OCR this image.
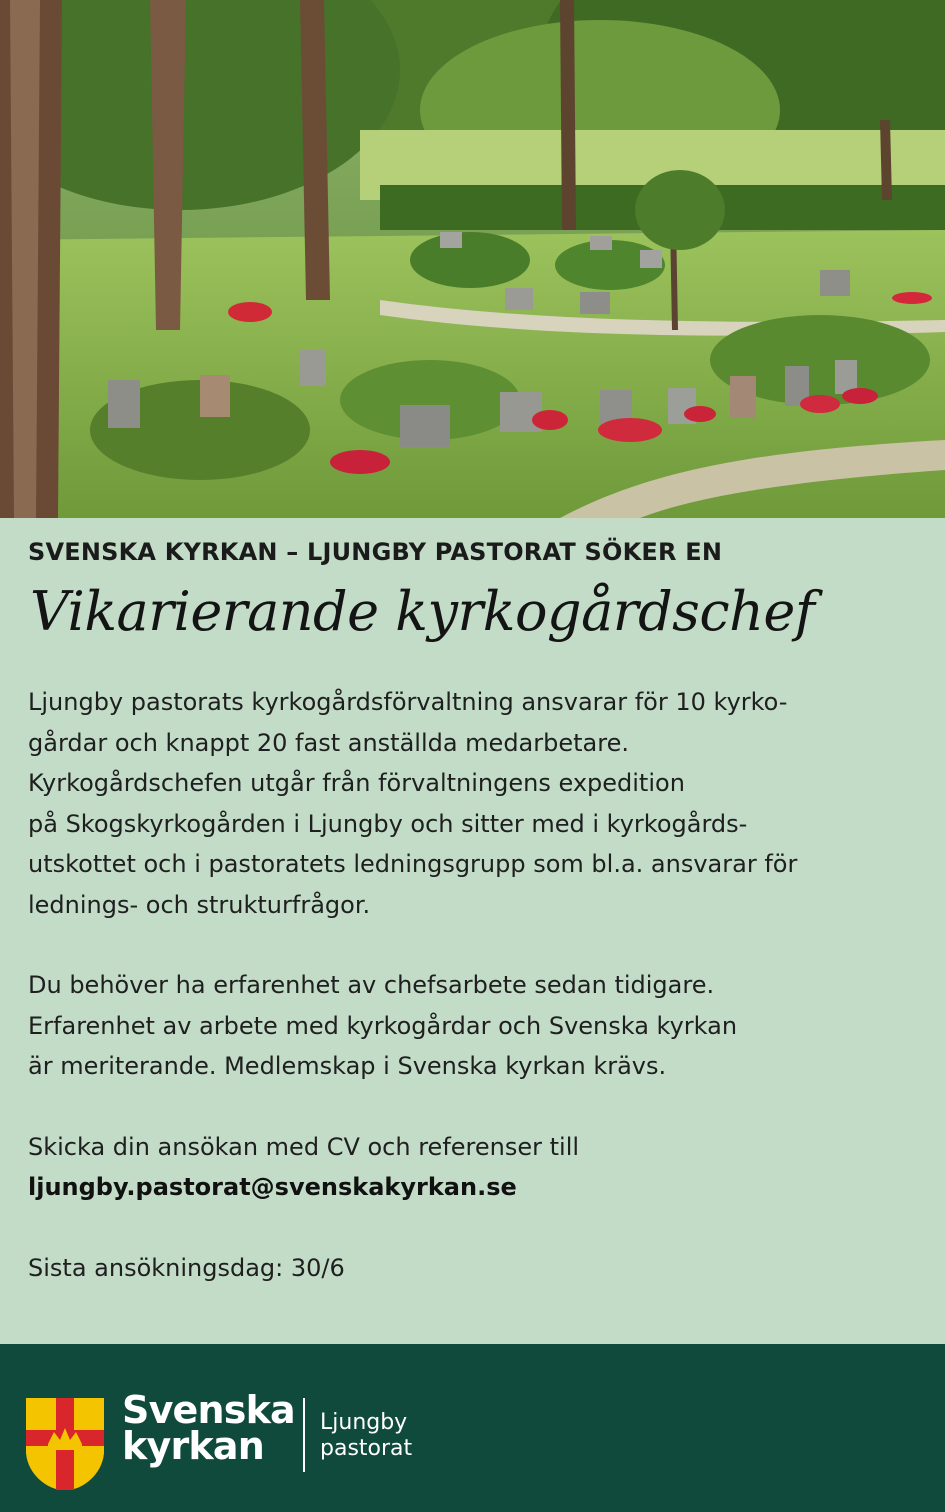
SVENSKA KYRKAN – LJUNGBY PASTORAT SÖKER EN
Vikarierande kyrkogårdschef

Ljungby pastorats kyrkogårdsförvaltning ansvarar för 10 kyrko-
gårdar och knappt 20 fast anställda medarbetare.
Kyrkogårdschefen utgår från förvaltningens expedition
på Skogskyrkogården i Ljungby och sitter med i kyrkogårds-
utskottet och i pastoratets ledningsgrupp som bl.a. ansvarar för
lednings- och strukturfrågor.

Du behöver ha erfarenhet av chefsarbete sedan tidigare.
Erfarenhet av arbete med kyrkogårdar och Svenska kyrkan
är meriterande. Medlemskap i Svenska kyrkan krävs.

Skicka din ansökan med CV och referenser till
ljungby.pastorat@svenskakyrkan.se

Sista ansökningsdag: 30/6

Svenska
kyrkan
Ljungby
pastorat
